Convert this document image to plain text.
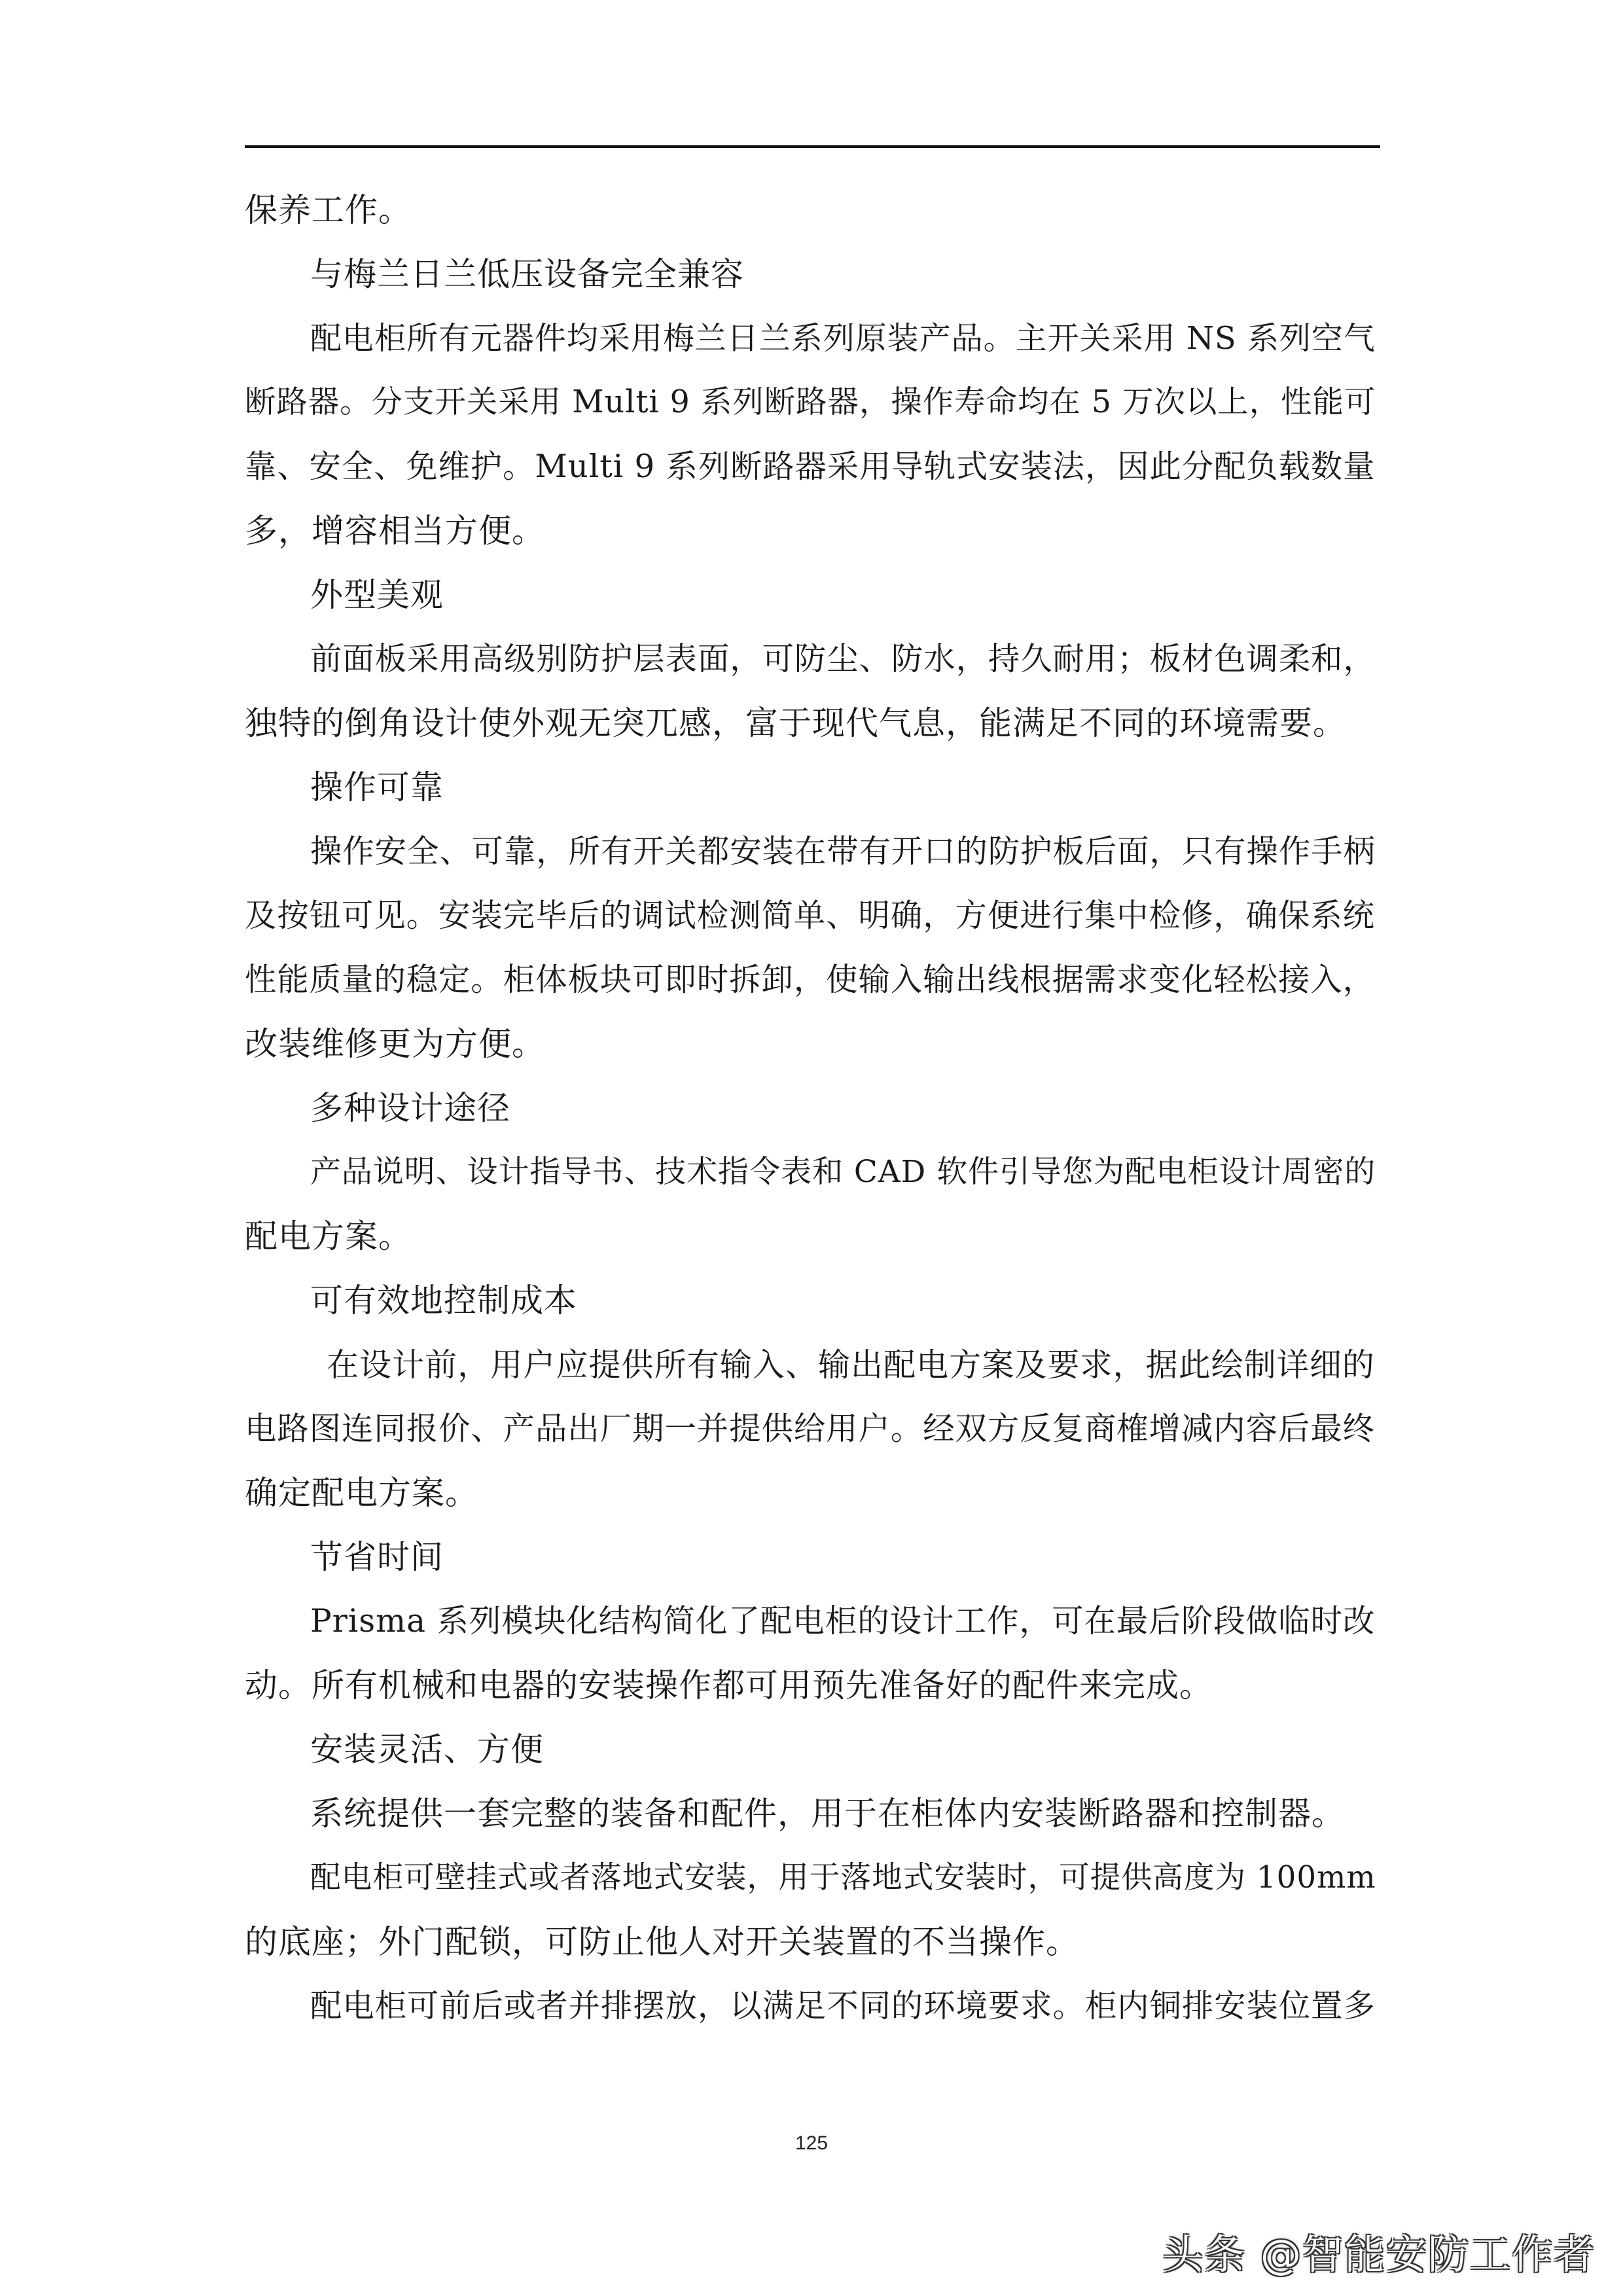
保养工作。
与梅兰日兰低压设备完全兼容
配电柜所有元器件均采用梅兰日兰系列原装产品。主开关采用 NS 系列空气
断路器。分支开关采用 Multi 9 系列断路器，操作寿命均在 5 万次以上，性能可
靠、安全、免维护。Multi 9 系列断路器采用导轨式安装法，因此分配负载数量
多，增容相当方便。
外型美观
前面板采用高级别防护层表面，可防尘、防水，持久耐用；板材色调柔和，
独特的倒角设计使外观无突兀感，富于现代气息，能满足不同的环境需要。
操作可靠
操作安全、可靠，所有开关都安装在带有开口的防护板后面，只有操作手柄
及按钮可见。安装完毕后的调试检测简单、明确，方便进行集中检修，确保系统
性能质量的稳定。柜体板块可即时拆卸，使输入输出线根据需求变化轻松接入，
改装维修更为方便。
多种设计途径
产品说明、设计指导书、技术指令表和 CAD 软件引导您为配电柜设计周密的
配电方案。
可有效地控制成本
在设计前，用户应提供所有输入、输出配电方案及要求，据此绘制详细的
电路图连同报价、产品出厂期一并提供给用户。经双方反复商榷增减内容后最终
确定配电方案。
节省时间
Prisma 系列模块化结构简化了配电柜的设计工作，可在最后阶段做临时改
动。所有机械和电器的安装操作都可用预先准备好的配件来完成。
安装灵活、方便
系统提供一套完整的装备和配件，用于在柜体内安装断路器和控制器。
配电柜可壁挂式或者落地式安装，用于落地式安装时，可提供高度为 100mm
的底座；外门配锁，可防止他人对开关装置的不当操作。
配电柜可前后或者并排摆放，以满足不同的环境要求。柜内铜排安装位置多
125
头条 @智能安防工作者
